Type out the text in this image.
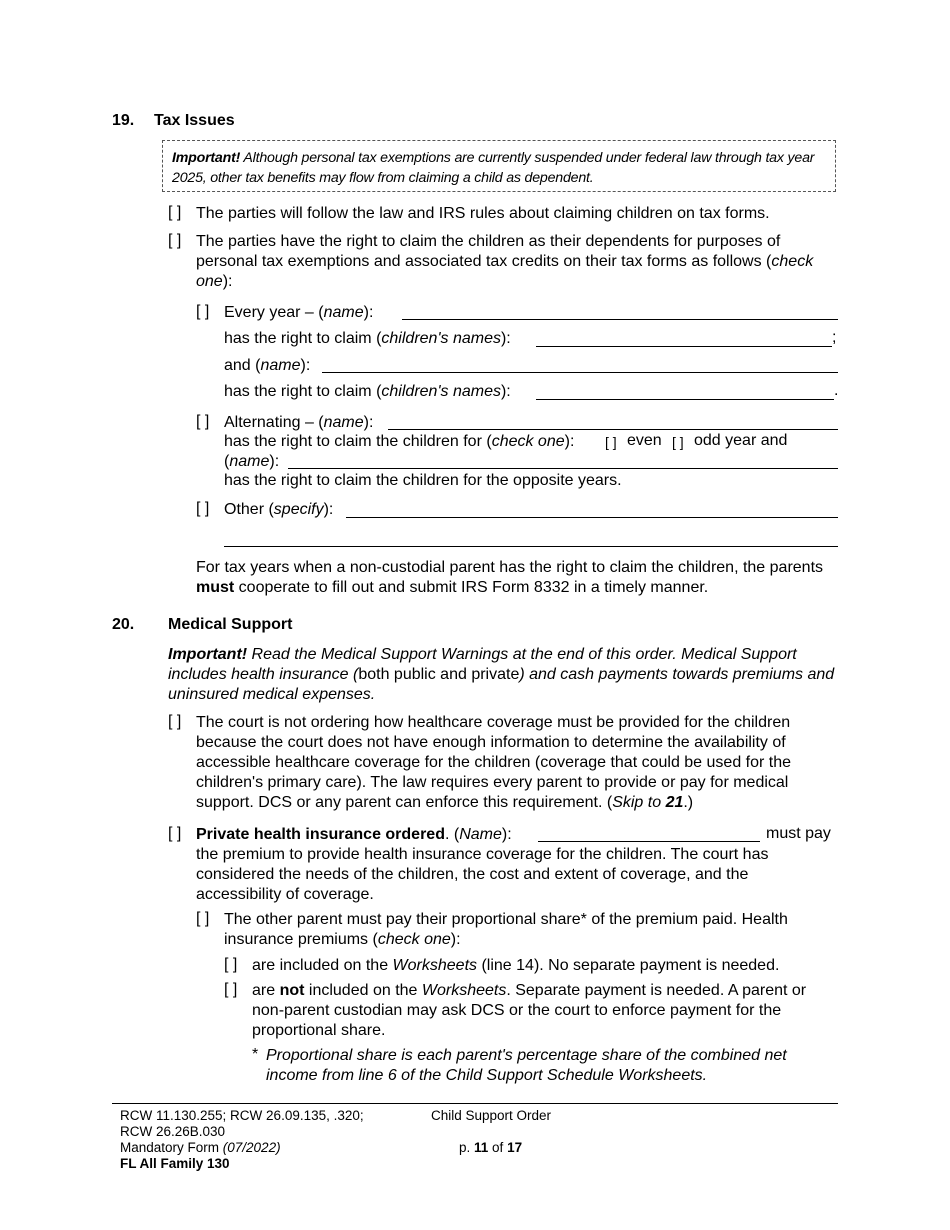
19. Tax Issues
Important! Although personal tax exemptions are currently suspended under federal law through tax year 2025, other tax benefits may flow from claiming a child as dependent.
[ ] The parties will follow the law and IRS rules about claiming children on tax forms.
[ ] The parties have the right to claim the children as their dependents for purposes of personal tax exemptions and associated tax credits on their tax forms as follows (check one):
[ ] Every year – (name):
has the right to claim (children's names):	;
and (name):
has the right to claim (children's names):	.
[ ] Alternating – (name):
has the right to claim the children for (check one): [ ] even [ ] odd year and
(name):
has the right to claim the children for the opposite years.
[ ] Other (specify):
For tax years when a non-custodial parent has the right to claim the children, the parents must cooperate to fill out and submit IRS Form 8332 in a timely manner.
20. Medical Support
Important! Read the Medical Support Warnings at the end of this order. Medical Support includes health insurance (both public and private) and cash payments towards premiums and uninsured medical expenses.
[ ] The court is not ordering how healthcare coverage must be provided for the children because the court does not have enough information to determine the availability of accessible healthcare coverage for the children (coverage that could be used for the children's primary care). The law requires every parent to provide or pay for medical support. DCS or any parent can enforce this requirement. (Skip to 21.)
[ ] Private health insurance ordered. (Name):	must pay
the premium to provide health insurance coverage for the children. The court has considered the needs of the children, the cost and extent of coverage, and the accessibility of coverage.
[ ] The other parent must pay their proportional share* of the premium paid. Health insurance premiums (check one):
[ ] are included on the Worksheets (line 14). No separate payment is needed.
[ ] are not included on the Worksheets. Separate payment is needed. A parent or non-parent custodian may ask DCS or the court to enforce payment for the proportional share.
* Proportional share is each parent's percentage share of the combined net income from line 6 of the Child Support Schedule Worksheets.
RCW 11.130.255; RCW 26.09.135, .320;
RCW 26.26B.030
Mandatory Form (07/2022)
FL All Family 130
Child Support Order
p. 11 of 17
